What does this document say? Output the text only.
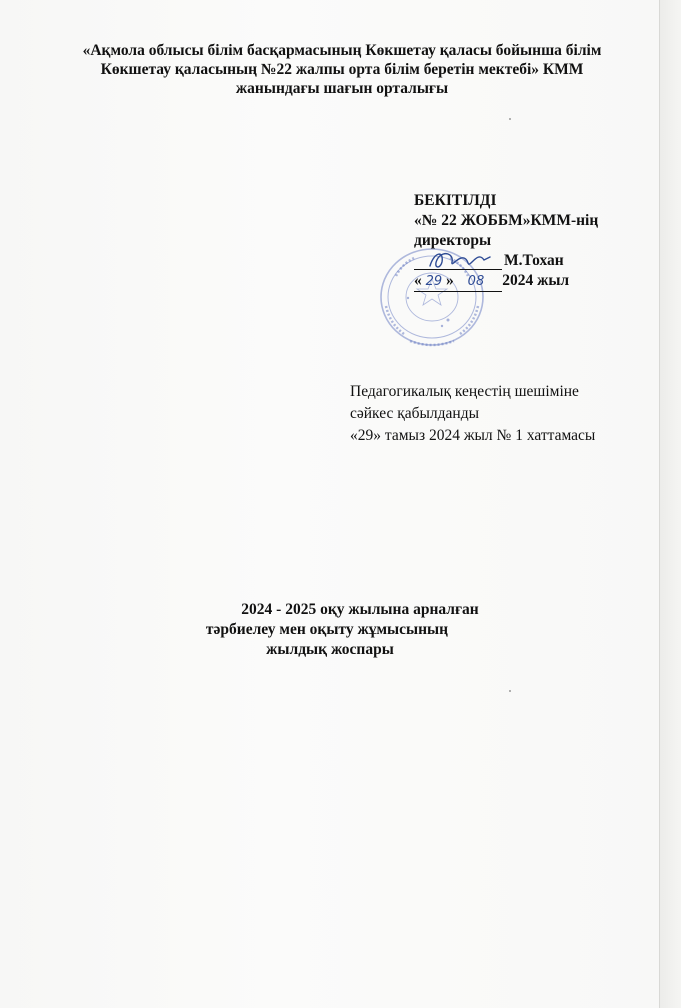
«Ақмола облысы білім басқармасының Көкшетау қаласы бойынша білім
Көкшетау қаласының №22 жалпы орта білім беретін мектебі» КММ
жанындағы шағын орталығы
БЕКІТІЛДІ
«№ 22 ЖОББМ»КММ-нің
директоры
М.Тохан
« 29 » 08 2024 жыл
Педагогикалық кеңестің шешіміне
сәйкес қабылданды
«29» тамыз 2024 жыл № 1 хаттамасы
2024 - 2025 оқу жылына арналған
тәрбиелеу мен оқыту жұмысының
жылдық жоспары
